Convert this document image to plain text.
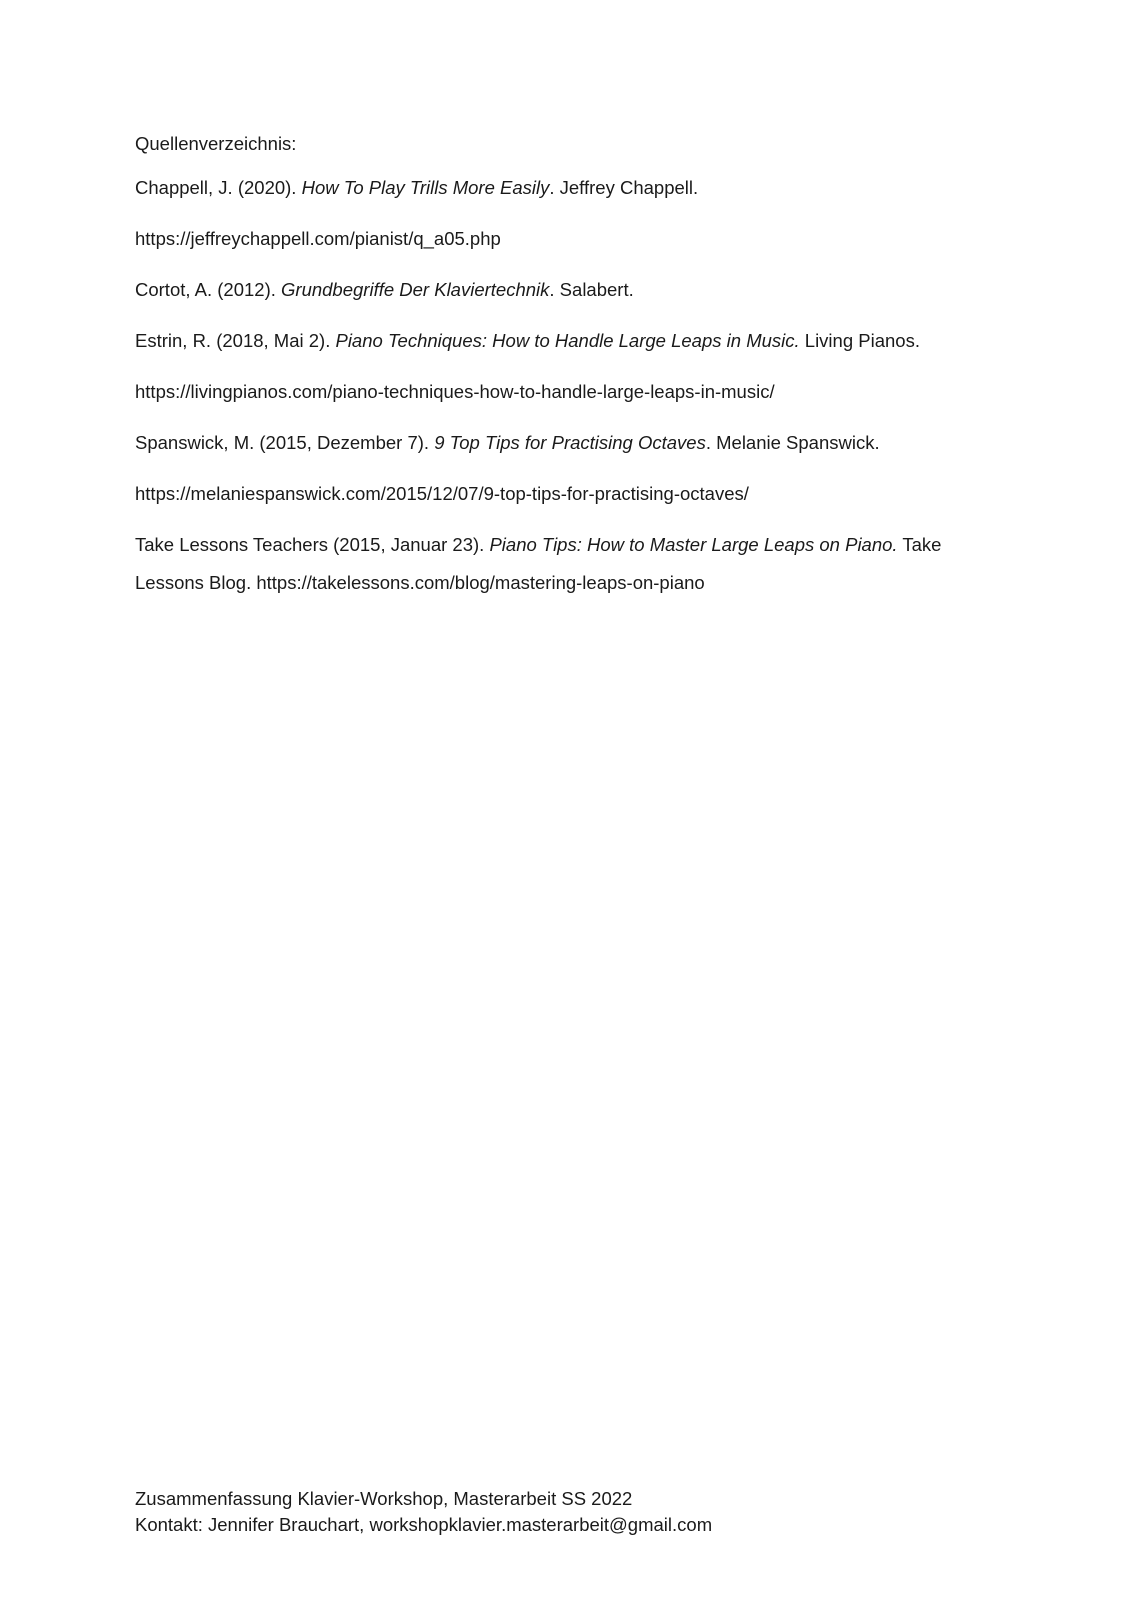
Quellenverzeichnis:

Chappell, J. (2020). How To Play Trills More Easily. Jeffrey Chappell.
https://jeffreychappell.com/pianist/q_a05.php

Cortot, A. (2012). Grundbegriffe Der Klaviertechnik. Salabert.

Estrin, R. (2018, Mai 2). Piano Techniques: How to Handle Large Leaps in Music. Living Pianos.
https://livingpianos.com/piano-techniques-how-to-handle-large-leaps-in-music/

Spanswick, M. (2015, Dezember 7). 9 Top Tips for Practising Octaves. Melanie Spanswick.
https://melaniespanswick.com/2015/12/07/9-top-tips-for-practising-octaves/

Take Lessons Teachers (2015, Januar 23). Piano Tips: How to Master Large Leaps on Piano. Take
Lessons Blog. https://takelessons.com/blog/mastering-leaps-on-piano

Zusammenfassung Klavier-Workshop, Masterarbeit SS 2022
Kontakt: Jennifer Brauchart, workshopklavier.masterarbeit@gmail.com
